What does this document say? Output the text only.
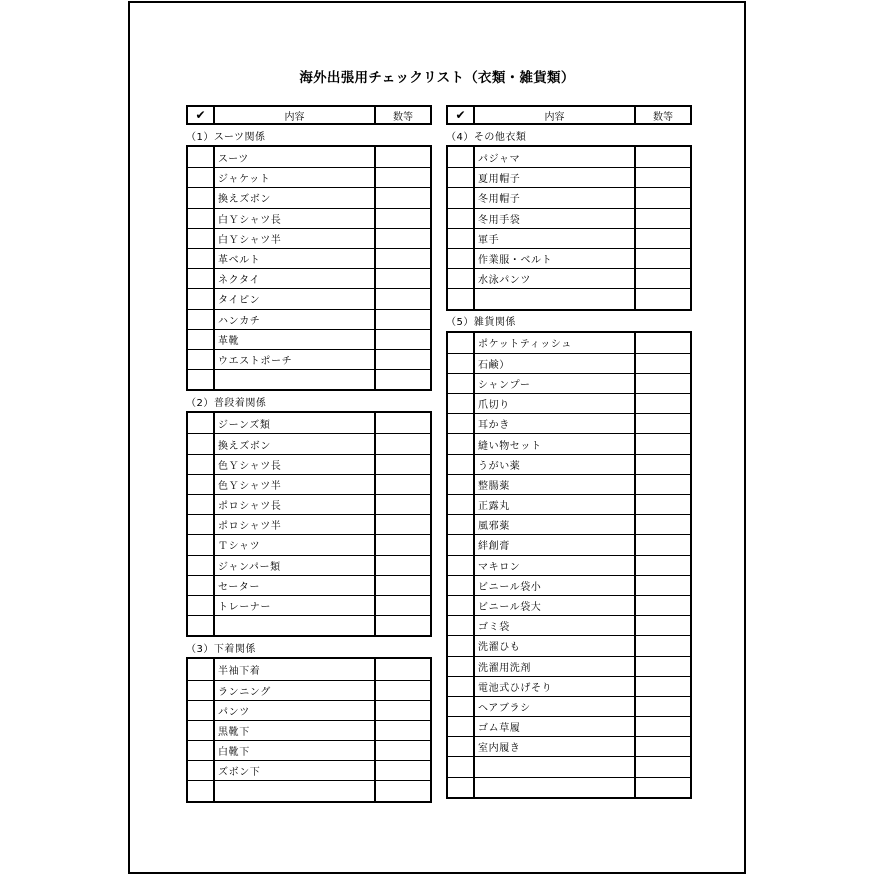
海外出張用チェックリスト（衣類・雑貨類）
✔	内容	数等
（1）スーツ関係
スーツ
ジャケット
換えズボン
白Ｙシャツ長
白Ｙシャツ半
革ベルト
ネクタイ
タイピン
ハンカチ
革靴
ウエストポーチ
（2）普段着関係
ジーンズ類
換えズボン
色Ｙシャツ長
色Ｙシャツ半
ポロシャツ長
ポロシャツ半
Ｔシャツ
ジャンパー類
セーター
トレーナー
（3）下着関係
半袖下着
ランニング
パンツ
黒靴下
白靴下
ズボン下
✔	内容	数等
（4）その他衣類
パジャマ
夏用帽子
冬用帽子
冬用手袋
軍手
作業服・ベルト
水泳パンツ
（5）雑貨関係
ポケットティッシュ
石鹸）
シャンプー
爪切り
耳かき
縫い物セット
うがい薬
整腸薬
正露丸
風邪薬
絆創膏
マキロン
ビニール袋小
ビニール袋大
ゴミ袋
洗濯ひも
洗濯用洗剤
電池式ひげそり
ヘアブラシ
ゴム草履
室内履き
